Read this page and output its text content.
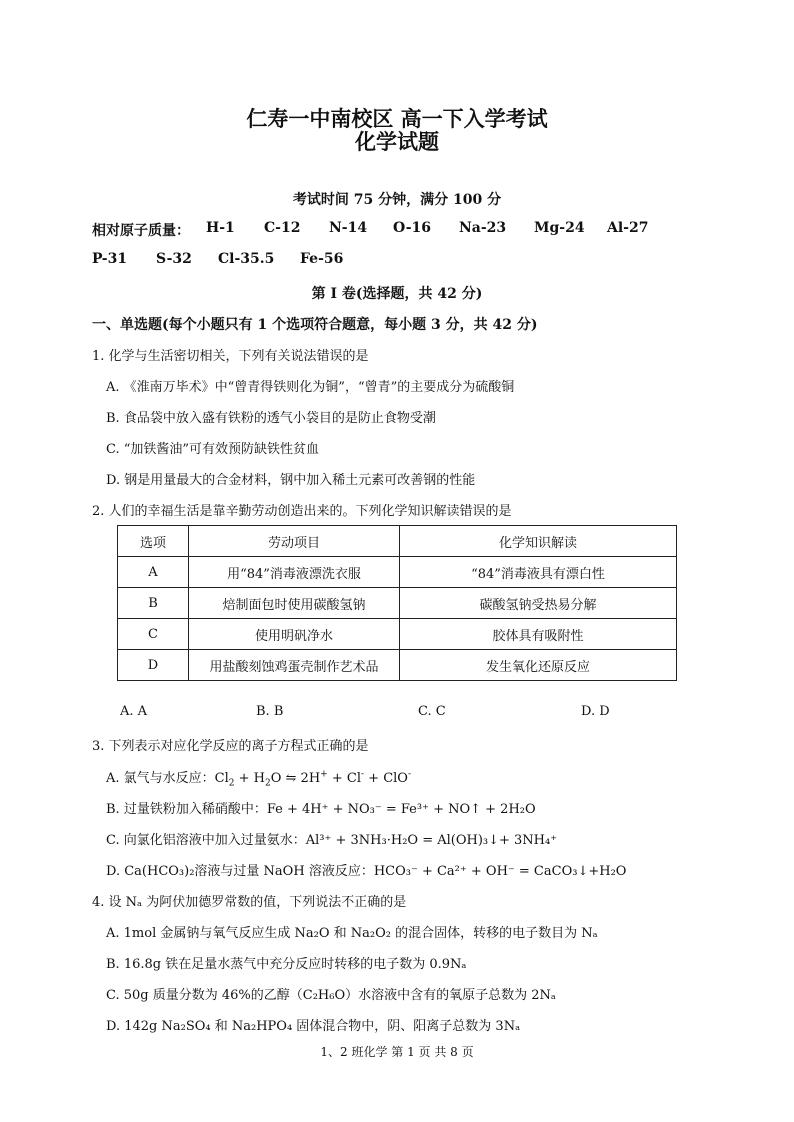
仁寿一中南校区 高一下入学考试
化学试题
考试时间 75 分钟，满分 100 分
相对原子质量： H-1 C-12 N-14 O-16 Na-23 Mg-24 Al-27
P-31 S-32 Cl-35.5 Fe-56
第 I 卷(选择题，共 42 分)
一、单选题(每个小题只有 1 个选项符合题意，每小题 3 分，共 42 分)
1. 化学与生活密切相关，下列有关说法错误的是
A. 《淮南万毕术》中“曾青得铁则化为铜”，“曾青”的主要成分为硫酸铜
B. 食品袋中放入盛有铁粉的透气小袋目的是防止食物受潮
C. “加铁酱油”可有效预防缺铁性贫血
D. 钢是用量最大的合金材料，钢中加入稀土元素可改善钢的性能
2. 人们的幸福生活是靠辛勤劳动创造出来的。下列化学知识解读错误的是
选项	劳动项目	化学知识解读
A	用“84”消毒液漂洗衣服	“84”消毒液具有漂白性
B	焙制面包时使用碳酸氢钠	碳酸氢钠受热易分解
C	使用明矾净水	胶体具有吸附性
D	用盐酸刻蚀鸡蛋壳制作艺术品	发生氧化还原反应
A. A	B. B	C. C	D. D
3. 下列表示对应化学反应的离子方程式正确的是
A. 氯气与水反应：$Cl_2 + H_2O$ ⇋ 2H+ + Cl- + ClO-
B. 过量铁粉加入稀硝酸中：Fe + 4H⁺ + NO₃⁻ = Fe³⁺ + NO↑ + 2H₂O
C. 向氯化铝溶液中加入过量氨水：Al³⁺ + 3NH₃·H₂O = Al(OH)₃↓+ 3NH₄⁺
D. Ca(HCO₃)₂溶液与过量 NaOH 溶液反应：HCO₃⁻ + Ca²⁺ + OH⁻ = CaCO₃↓+H₂O
4. 设 Nₐ 为阿伏加德罗常数的值，下列说法不正确的是
A. 1mol 金属钠与氧气反应生成 Na₂O 和 Na₂O₂ 的混合固体，转移的电子数目为 Nₐ
B. 16.8g 铁在足量水蒸气中充分反应时转移的电子数为 0.9Nₐ
C. 50g 质量分数为 46%的乙醇（C₂H₆O）水溶液中含有的氧原子总数为 2Nₐ
D. 142g Na₂SO₄ 和 Na₂HPO₄ 固体混合物中，阴、阳离子总数为 3Nₐ
1、2 班化学 第 1 页 共 8 页
